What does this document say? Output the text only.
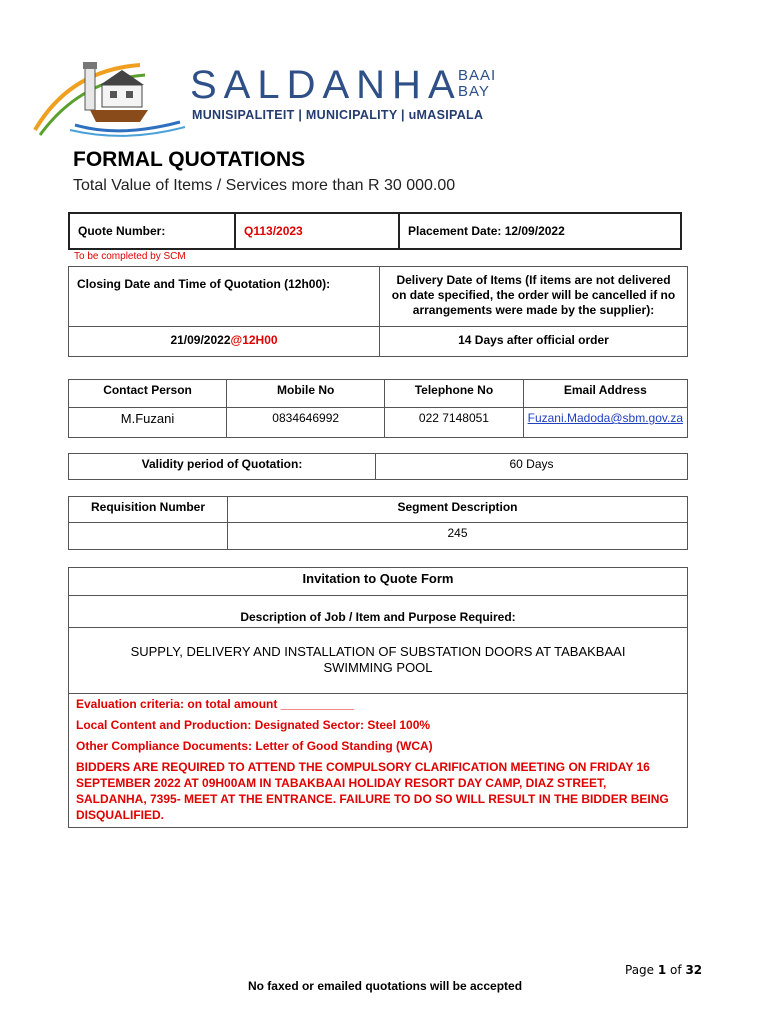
SALDANHA
BAAI
BAY
MUNISIPALITEIT | MUNICIPALITY | uMASIPALA
FORMAL QUOTATIONS
Total Value of Items / Services more than R 30 000.00
Quote Number:	Q113/2023	Placement Date: 12/09/2022
To be completed by SCM
Closing Date and Time of Quotation (12h00):	Delivery Date of Items (If items are not delivered on date specified, the order will be cancelled if no arrangements were made by the supplier):
21/09/2022@12H00	14 Days after official order
Contact Person	Mobile No	Telephone No	Email Address
M.Fuzani	0834646992	022 7148051	Fuzani.Madoda@sbm.gov.za
Validity period of Quotation:	60 Days
Requisition Number	Segment Description
	245
Invitation to Quote Form
Description of Job / Item and Purpose Required:
SUPPLY, DELIVERY AND INSTALLATION OF SUBSTATION DOORS AT TABAKBAAI SWIMMING POOL

Evaluation criteria: on total amount ___________
Local Content and Production: Designated Sector: Steel 100%
Other Compliance Documents: Letter of Good Standing (WCA)
BIDDERS ARE REQUIRED TO ATTEND THE COMPULSORY CLARIFICATION MEETING ON FRIDAY 16 SEPTEMBER 2022 AT 09H00AM IN TABAKBAAI HOLIDAY RESORT DAY CAMP, DIAZ STREET, SALDANHA, 7395- MEET AT THE ENTRANCE. FAILURE TO DO SO WILL RESULT IN THE BIDDER BEING DISQUALIFIED.
Page 1 of 32
No faxed or emailed quotations will be accepted
